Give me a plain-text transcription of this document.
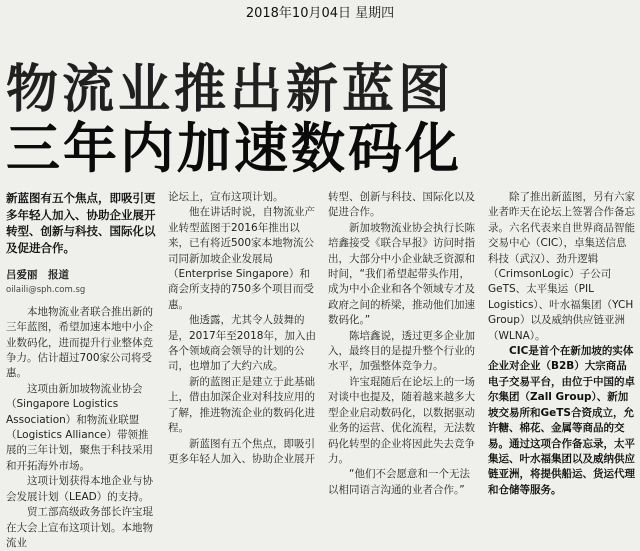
2018年10月04日 星期四
物流业推出新蓝图
三年内加速数码化
新蓝图有五个焦点，即吸引更多年轻人加入、协助企业展开转型、创新与科技、国际化以及促进合作。
吕爱丽　报道
oilaili@sph.com.sg

本地物流业者联合推出新的三年蓝图，希望加速本地中小企业数码化，进而提升行业整体竞争力。估计超过700家公司将受惠。

这项由新加坡物流业协会（Singapore Logistics Association）和物流业联盟（Logistics Alliance）带领推展的三年计划，聚焦于科技采用和开拓海外市场。

这项计划获得本地企业与协会发展计划（LEAD）的支持。

贸工部高级政务部长许宝琨在大会上宣布这项计划。本地物流业

论坛上，宣布这项计划。

他在讲话时说，自物流业产业转型蓝图于2016年推出以来，已有将近500家本地物流公司同新加坡企业发展局（Enterprise Singapore）和商会所支持的750多个项目而受惠。

他透露，尤其令人鼓舞的是，2017年至2018年，加入由各个领域商会领导的计划的公司，也增加了大约六成。

新的蓝图正是建立于此基础上，借由加深企业对科技应用的了解，推进物流企业的数码化进程。

新蓝图有五个焦点，即吸引更多年轻人加入、协助企业展开

转型、创新与科技、国际化以及促进合作。

新加坡物流业协会执行长陈培鑫接受《联合早报》访问时指出，大部分中小企业缺乏资源和时间，“我们希望起带头作用，成为中小企业和各个领域专才及政府之间的桥梁，推动他们加速数码化。”

陈培鑫说，透过更多企业加入，最终目的是提升整个行业的水平，加强整体竞争力。

许宝琨随后在论坛上的一场对谈中也提及，随着越来越多大型企业启动数码化，以数据驱动业务的运营、优化流程，无法数码化转型的企业将因此失去竞争力。

“他们不会愿意和一个无法以相同语言沟通的业者合作。”

除了推出新蓝图，另有六家业者昨天在论坛上签署合作备忘录。六名代表来自世界商品智能交易中心（CIC），卓集送信息科技（武汉）、劲升逻辑（CrimsonLogic）子公司GeTS、太平集运（PIL Logistics）、叶水福集团（YCH Group）以及威纳供应链亚洲（WLNA）。

CIC是首个在新加坡的实体企业对企业（B2B）大宗商品电子交易平台，由位于中国的卓尔集团（Zall Group）、新加坡交易所和GeTS合资成立，允许糖、棉花、金属等商品的交易。通过这项合作备忘录，太平集运、叶水福集团以及威纳供应链亚洲，将提供船运、货运代理和仓储等服务。
